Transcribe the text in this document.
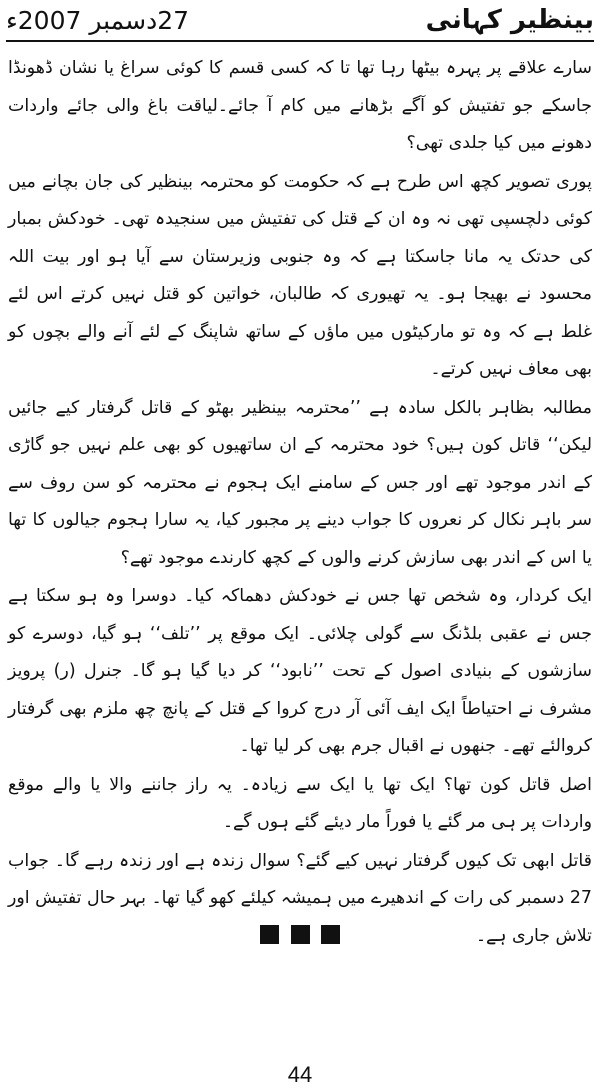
27دسمبر 2007ء	بینظیر کہانی

سارے علاقے پر پہرہ بیٹھا رہا تھا تا کہ کسی قسم کا کوئی سراغ یا نشان ڈھونڈا جاسکے جو تفتیش کو آگے بڑھانے میں کام آ جائے۔لیاقت باغ والی جائے واردات دھونے میں کیا جلدی تھی؟

پوری تصویر کچھ اس طرح ہے کہ حکومت کو محترمہ بینظیر کی جان بچانے میں کوئی دلچسپی تھی نہ وہ ان کے قتل کی تفتیش میں سنجیدہ تھی۔ خودکش بمبار کی حدتک یہ مانا جاسکتا ہے کہ وہ جنوبی وزیرستان سے آیا ہو اور بیت اللہ محسود نے بھیجا ہو۔ یہ تھیوری کہ طالبان، خواتین کو قتل نہیں کرتے اس لئے غلط ہے کہ وہ تو مارکیٹوں میں ماؤں کے ساتھ شاپنگ کے لئے آنے والے بچوں کو بھی معاف نہیں کرتے۔

مطالبہ بظاہر بالکل سادہ ہے ’’محترمہ بینظیر بھٹو کے قاتل گرفتار کیے جائیں لیکن‘‘ قاتل کون ہیں؟ خود محترمہ کے ان ساتھیوں کو بھی علم نہیں جو گاڑی کے اندر موجود تھے اور جس کے سامنے ایک ہجوم نے محترمہ کو سن روف سے سر باہر نکال کر نعروں کا جواب دینے پر مجبور کیا، یہ سارا ہجوم جیالوں کا تھا یا اس کے اندر بھی سازش کرنے والوں کے کچھ کارندے موجود تھے؟

ایک کردار، وہ شخص تھا جس نے خودکش دھماکہ کیا۔ دوسرا وہ ہو سکتا ہے جس نے عقبی بلڈنگ سے گولی چلائی۔ ایک موقع پر ’’تلف‘‘ ہو گیا، دوسرے کو سازشوں کے بنیادی اصول کے تحت ’’نابود‘‘ کر دیا گیا ہو گا۔ جنرل (ر) پرویز مشرف نے احتیاطاً ایک ایف آئی آر درج کروا کے قتل کے پانچ چھ ملزم بھی گرفتار کروالئے تھے۔ جنھوں نے اقبال جرم بھی کر لیا تھا۔

اصل قاتل کون تھا؟ ایک تھا یا ایک سے زیادہ۔ یہ راز جاننے والا یا والے موقع واردات پر ہی مر گئے یا فوراً مار دیئے گئے ہوں گے۔

قاتل ابھی تک کیوں گرفتار نہیں کیے گئے؟ سوال زندہ ہے اور زندہ رہے گا۔ جواب 27 دسمبر کی رات کے اندھیرے میں ہمیشہ کیلئے کھو گیا تھا۔ بہر حال تفتیش اور تلاش جاری ہے۔

44
